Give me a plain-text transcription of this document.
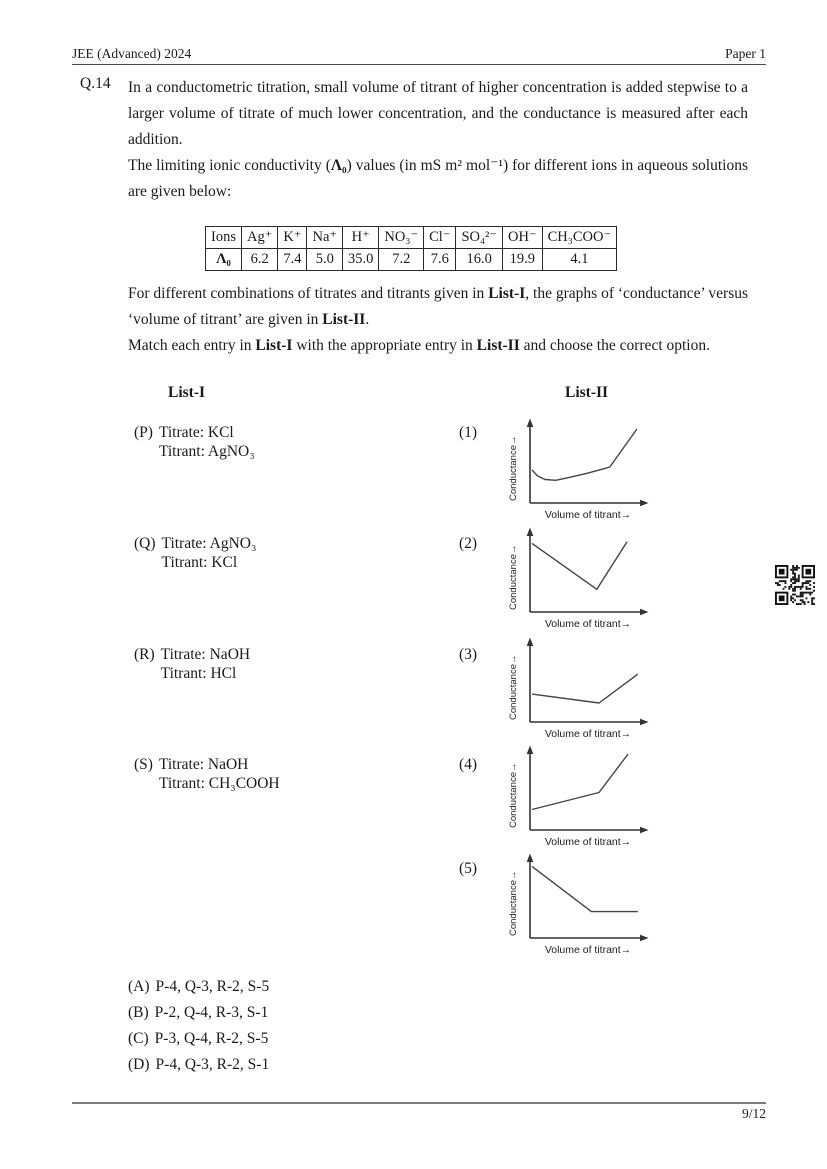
JEE (Advanced) 2024	Paper 1
Q.14 In a conductometric titration, small volume of titrant of higher concentration is added stepwise to a larger volume of titrate of much lower concentration, and the conductance is measured after each addition.

The limiting ionic conductivity (Λ₀) values (in mS m² mol⁻¹) for different ions in aqueous solutions are given below:

Ions	Ag⁺	K⁺	Na⁺	H⁺	NO₃⁻	Cl⁻	SO₄²⁻	OH⁻	CH₃COO⁻
Λ₀	6.2	7.4	5.0	35.0	7.2	7.6	16.0	19.9	4.1

For different combinations of titrates and titrants given in List-I, the graphs of ‘conductance’ versus ‘volume of titrant’ are given in List-II.

Match each entry in List-I with the appropriate entry in List-II and choose the correct option.

List-I	List-II
(P) Titrate: KCl
Titrant: AgNO₃
(Q) Titrate: AgNO₃
Titrant: KCl
(R) Titrate: NaOH
Titrant: HCl
(S) Titrate: NaOH
Titrant: CH₃COOH
(1)
(2)
(3)
(4)
(5)
Conductance→
Volume of titrant→
Conductance→
Volume of titrant→
Conductance→
Volume of titrant→
Conductance→
Volume of titrant→
Conductance→
Volume of titrant→
(A) P-4, Q-3, R-2, S-5
(B) P-2, Q-4, R-3, S-1
(C) P-3, Q-4, R-2, S-5
(D) P-4, Q-3, R-2, S-1
9/12
